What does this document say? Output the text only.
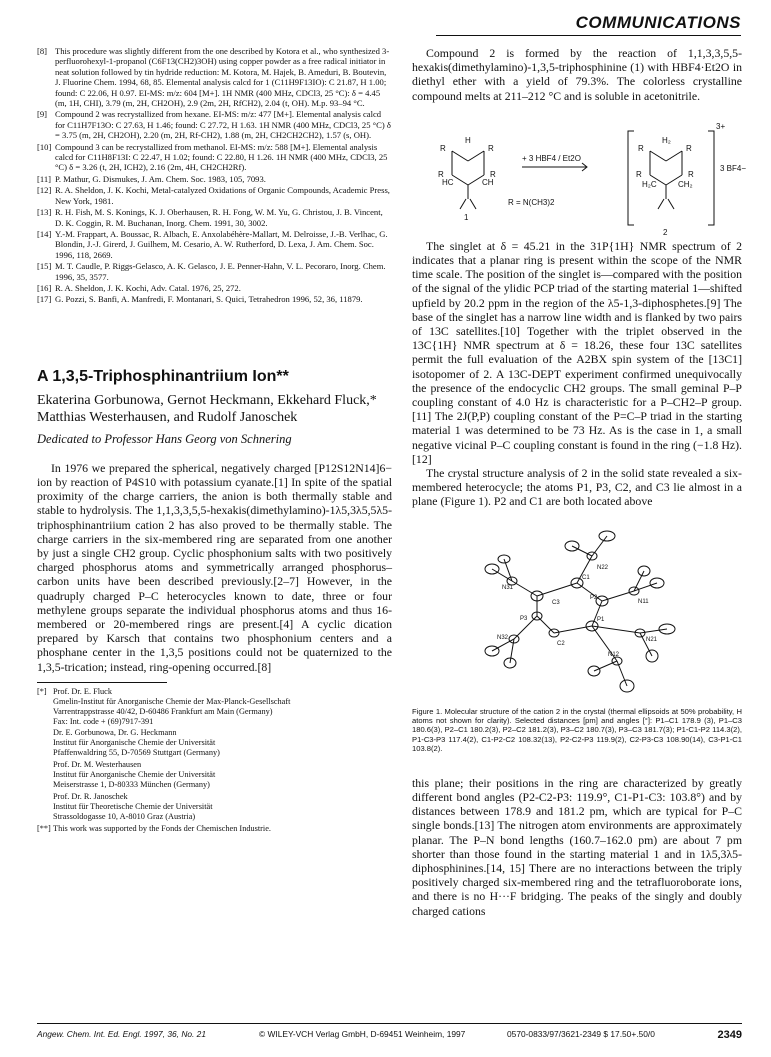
COMMUNICATIONS
[8] This procedure was slightly different from the one described by Kotora et al., who synthesized 3-perfluorohexyl-1-propanol (C6F13(CH2)3OH) using copper powder as a free radical initiator in neat solution followed by tin hydride reduction: M. Kotora, M. Hajek, B. Ameduri, B. Boutevin, J. Fluorine Chem. 1994, 68, 85. Elemental analysis calcd for 1 (C11H9F13IO): C 21.87, H 1.00; found: C 22.06, H 0.97. EI-MS: m/z: 604 [M+]. 1H NMR (400 MHz, CDCl3, 25 °C): δ = 4.45 (m, 1H, CHI), 3.79 (m, 2H, CH2OH), 2.9 (2m, 2H, RfCH2), 2.04 (t, OH). M.p. 93–94 °C.
[9] Compound 2 was recrystallized from hexane. EI-MS: m/z: 477 [M+]. Elemental analysis calcd for C11H7F13O: C 27.63, H 1.46; found: C 27.72, H 1.63. 1H NMR (400 MHz, CDCl3, 25 °C) δ = 3.75 (m, 2H, CH2OH), 2.20 (m, 2H, Rf-CH2), 1.88 (m, 2H, CH2CH2CH2), 1.57 (s, OH).
[10] Compound 3 can be recrystallized from methanol. EI-MS: m/z: 588 [M+]. Elemental analysis calcd for C11H8F13I: C 22.47, H 1.02; found: C 22.80, H 1.26. 1H NMR (400 MHz, CDCl3, 25 °C) δ = 3.26 (t, 2H, ICH2), 2.16 (2m, 4H, CH2CH2Rf).
[11] P. Mathur, G. Dismukes, J. Am. Chem. Soc. 1983, 105, 7093.
[12] R. A. Sheldon, J. K. Kochi, Metal-catalyzed Oxidations of Organic Compounds, Academic Press, New York, 1981.
[13] R. H. Fish, M. S. Konings, K. J. Oberhausen, R. H. Fong, W. M. Yu, G. Christou, J. B. Vincent, D. K. Coggin, R. M. Buchanan, Inorg. Chem. 1991, 30, 3002.
[14] Y.-M. Frappart, A. Boussac, R. Albach, E. Anxolabéhère-Mallart, M. Delroisse, J.-B. Verlhac, G. Blondin, J.-J. Girerd, J. Guilhem, M. Cesario, A. W. Rutherford, D. Lexa, J. Am. Chem. Soc. 1996, 118, 2669.
[15] M. T. Caudle, P. Riggs-Gelasco, A. K. Gelasco, J. E. Penner-Hahn, V. L. Pecoraro, Inorg. Chem. 1996, 35, 3577.
[16] R. A. Sheldon, J. K. Kochi, Adv. Catal. 1976, 25, 272.
[17] G. Pozzi, S. Banfi, A. Manfredi, F. Montanari, S. Quici, Tetrahedron 1996, 52, 36, 11879.
A 1,3,5-Triphosphinantriium Ion**
Ekaterina Gorbunowa, Gernot Heckmann, Ekkehard Fluck,* Matthias Westerhausen, and Rudolf Janoschek
Dedicated to Professor Hans Georg von Schnering

In 1976 we prepared the spherical, negatively charged [P12S12N14]6− ion by reaction of P4S10 with potassium cyanate.[1] In spite of the spatial proximity of the charge carriers, the anion is both thermally stable and stable to hydrolysis. The 1,1,3,3,5,5-hexakis(dimethylamino)-1λ5,3λ5,5λ5-triphosphinantriium cation 2 has also proved to be thermally stable. The charge carriers in the six-membered ring are separated from one another by just a single CH2 group. Cyclic phosphonium salts with two positively charged phosphorus atoms and symmetrically arranged phosphorus–carbon units have been described previously.[2–7] However, in the quadruply charged P–C heterocycles known to date, three or four methylene groups separate the individual phosphorus atoms and thus 16-membered or 20-membered rings are present.[4] A cyclic dication prepared by Karsch that contains two phosphonium centers and a phosphane center in the 1,3,5 positions could not be quaternized to the 1,3,5-trication; instead, ring-opening occurred.[8]

[*] Prof. Dr. E. Fluck
Gmelin-Institut für Anorganische Chemie der Max-Planck-Gesellschaft
Varrentrappstrasse 40/42, D-60486 Frankfurt am Main (Germany)
Fax: Int. code + (69)7917-391
Dr. E. Gorbunowa, Dr. G. Heckmann
Institut für Anorganische Chemie der Universität
Pfaffenwaldring 55, D-70569 Stuttgart (Germany)
Prof. Dr. M. Westerhausen
Institut für Anorganische Chemie der Universität
Meiserstrasse 1, D-80333 München (Germany)
Prof. Dr. R. Janoschek
Institut für Theoretische Chemie der Universität
Strassoldogasse 10, A-8010 Graz (Austria)
[**] This work was supported by the Fonds der Chemischen Industrie.

Compound 2 is formed by the reaction of 1,1,3,3,5,5-hexakis(dimethylamino)-1,3,5-triphosphinine (1) with HBF4·Et2O in diethyl ether with a yield of 79.3%. The colorless crystalline compound melts at 211–212 °C and is soluble in acetonitrile.

H
R	R
R	R
HC	CH
1
+ 3 HBF4 / Et2O
R = N(CH3)2
H₂
R	R
R	R
H₂C	CH₂
3+
3 BF4−
2

The singlet at δ = 45.21 in the 31P{1H} NMR spectrum of 2 indicates that a planar ring is present within the scope of the NMR time scale. The position of the singlet is—compared with the position of the signal of the ylidic PCP triad of the starting material 1—shifted upfield by 20.2 ppm in the region of the λ5-1,3-diphosphetes.[9] The base of the singlet has a narrow line width and is flanked by two pairs of 13C satellites.[10] Together with the triplet observed in the 13C{1H} NMR spectrum at δ = 18.26, these four 13C satellites permit the full evaluation of the A2BX spin system of the [13C1] isotopomer of 2. A 13C-DEPT experiment confirmed unequivocally the presence of the endocyclic CH2 groups. The small geminal P–P coupling constant of 4.0 Hz is characteristic for a P–CH2–P group.[11] The 2J(P,P) coupling constant of the P=C–P triad in the starting material 1 was determined to be 73 Hz. As is the case in 1, a small negative vicinal P–C coupling constant is found in the ring (−1.8 Hz).[12]

The crystal structure analysis of 2 in the solid state revealed a six-membered heterocycle; the atoms P1, P3, C2, and C3 lie almost in a plane (Figure 1). P2 and C1 are both located above

N22
C1
N31
C3
P2
N11
P3	P1
N32
C2
N21
N12
Figure 1. Molecular structure of the cation 2 in the crystal (thermal ellipsoids at 50% probability, H atoms not shown for clarity). Selected distances [pm] and angles [°]: P1–C1 178.9 (3), P1–C3 180.6(3), P2–C1 180.2(3), P2–C2 181.2(3), P3–C2 180.7(3), P3–C3 181.7(3); P1-C1-P2 114.3(2), P1-C3-P3 117.4(2), C1-P2-C2 108.32(13), P2-C2-P3 119.9(2), C2-P3-C3 108.90(14), C3-P1-C1 103.8(2).

this plane; their positions in the ring are characterized by greatly different bond angles (P2-C2-P3: 119.9°, C1-P1-C3: 103.8°) and by distances between 178.9 and 181.2 pm, which are typical for P–C single bonds.[13] The nitrogen atom environments are approximately planar. The P–N bond lengths (160.7–162.0 pm) are about 7 pm shorter than those found in the starting material 1 and in 1λ5,3λ5-diphosphinines.[14, 15] There are no interactions between the triply positively charged six-membered ring and the tetrafluoroborate ions, and there is no H···F bridging. The peaks of the singly and doubly charged cations

Angew. Chem. Int. Ed. Engl. 1997, 36, No. 21	© WILEY-VCH Verlag GmbH, D-69451 Weinheim, 1997	0570-0833/97/3621-2349 $ 17.50+.50/0	2349
